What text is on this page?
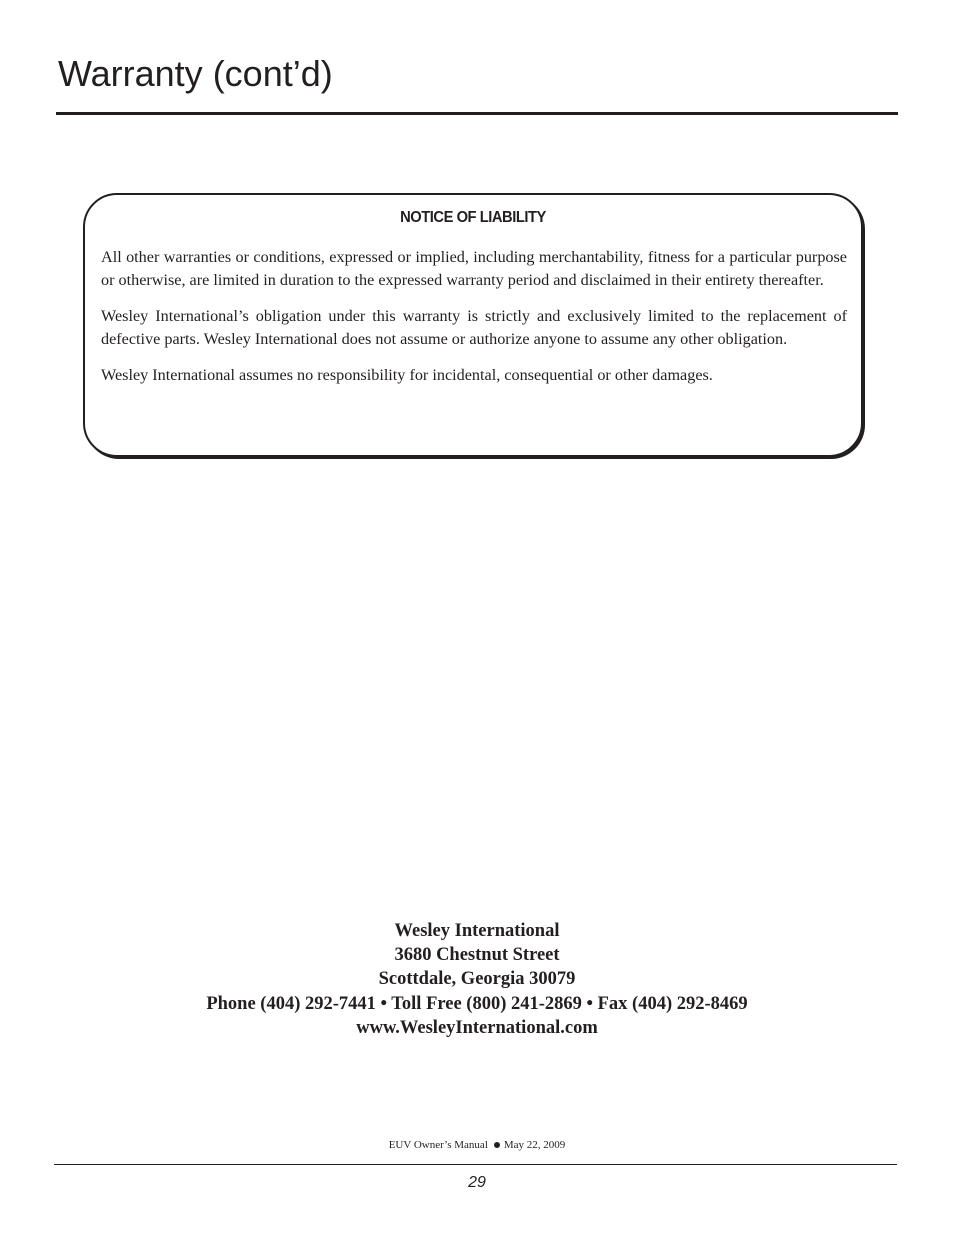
Warranty (cont’d)
NOTICE OF LIABILITY

All other warranties or conditions, expressed or implied, including merchantability, fitness for a particular purpose or otherwise, are limited in duration to the expressed warranty period and disclaimed in their entirety thereafter.

Wesley International’s obligation under this warranty is strictly and exclusively limited to the replacement of defective parts. Wesley International does not assume or authorize anyone to assume any other obligation.

Wesley International assumes no responsibility for incidental, consequential or other damages.

Wesley International
3680 Chestnut Street
Scottdale, Georgia 30079
Phone (404) 292-7441 • Toll Free (800) 241-2869 • Fax (404) 292-8469
www.WesleyInternational.com
EUV Owner’s Manual May 22, 2009
29
